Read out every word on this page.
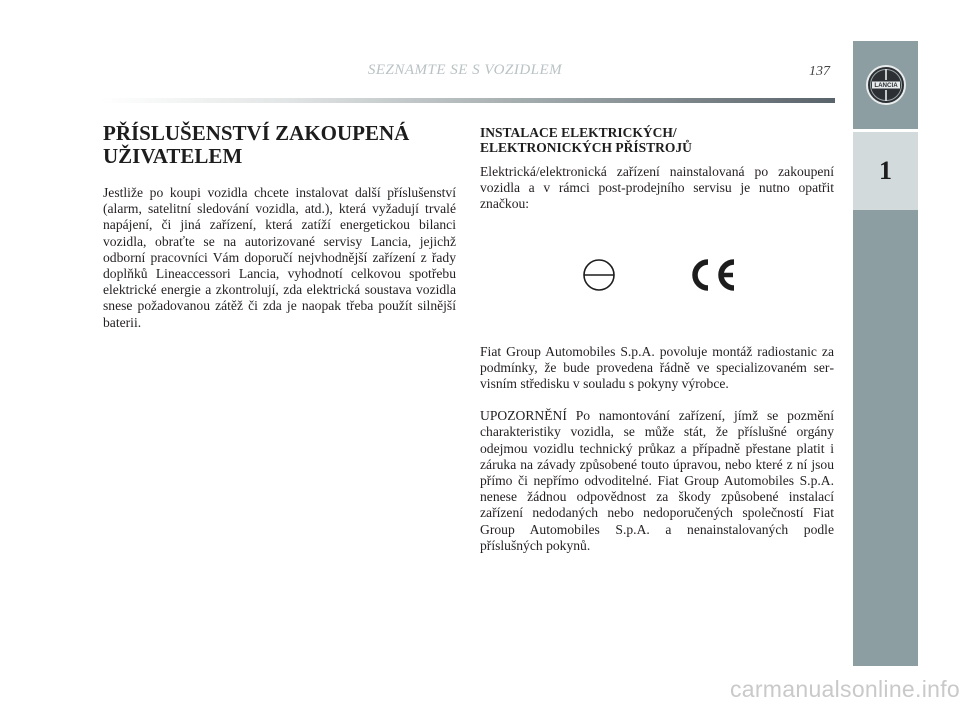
SEZNAMTE SE S VOZIDLEM	137
LANCIA
1
PŘÍSLUŠENSTVÍ ZAKOUPENÁ
UŽIVATELEM

Jestliže po koupi vozidla chcete instalovat další příslušenství (alarm, satelitní sledování vozidla, atd.), která vyžadují trvalé napájení, či jiná zařízení, která zatíží energetickou bilanci vozidla, obraťte se na autorizované servisy Lancia, jejichž odborní pracovníci Vám doporučí nejvhodnější zařízení z řady doplňků Lineaccessori Lancia, vyhodnotí celkovou spotřebu elektrické energie a zkontrolují, zda elektrická soustava vozidla snese požadovanou zátěž či zda je naopak třeba použít silnější baterii.

INSTALACE ELEKTRICKÝCH/
ELEKTRONICKÝCH PŘÍSTROJŮ

Elektrická/elektronická zařízení nainstalovaná po zakoupení vozidla a v rámci post-prodejního servisu je nutno opatřit značkou:

Fiat Group Automobiles S.p.A. povoluje montáž radiostanic za podmínky, že bude provedena řádně ve specializovaném servisním středisku v souladu s pokyny výrobce.

UPOZORNĚNÍ Po namontování zařízení, jímž se pozmění charakteristiky vozidla, se může stát, že příslušné orgány odejmou vozidlu technický průkaz a případně přestane platit i záruka na závady způsobené touto úpravou, nebo které z ní jsou přímo či nepřímo odvoditelné. Fiat Group Automobiles S.p.A. nenese žádnou odpovědnost za škody způsobené instalací zařízení nedodaných nebo nedoporučených společností Fiat Group Automobiles S.p.A. a nenainstalovaných podle příslušných pokynů.

carmanualsonline.info
